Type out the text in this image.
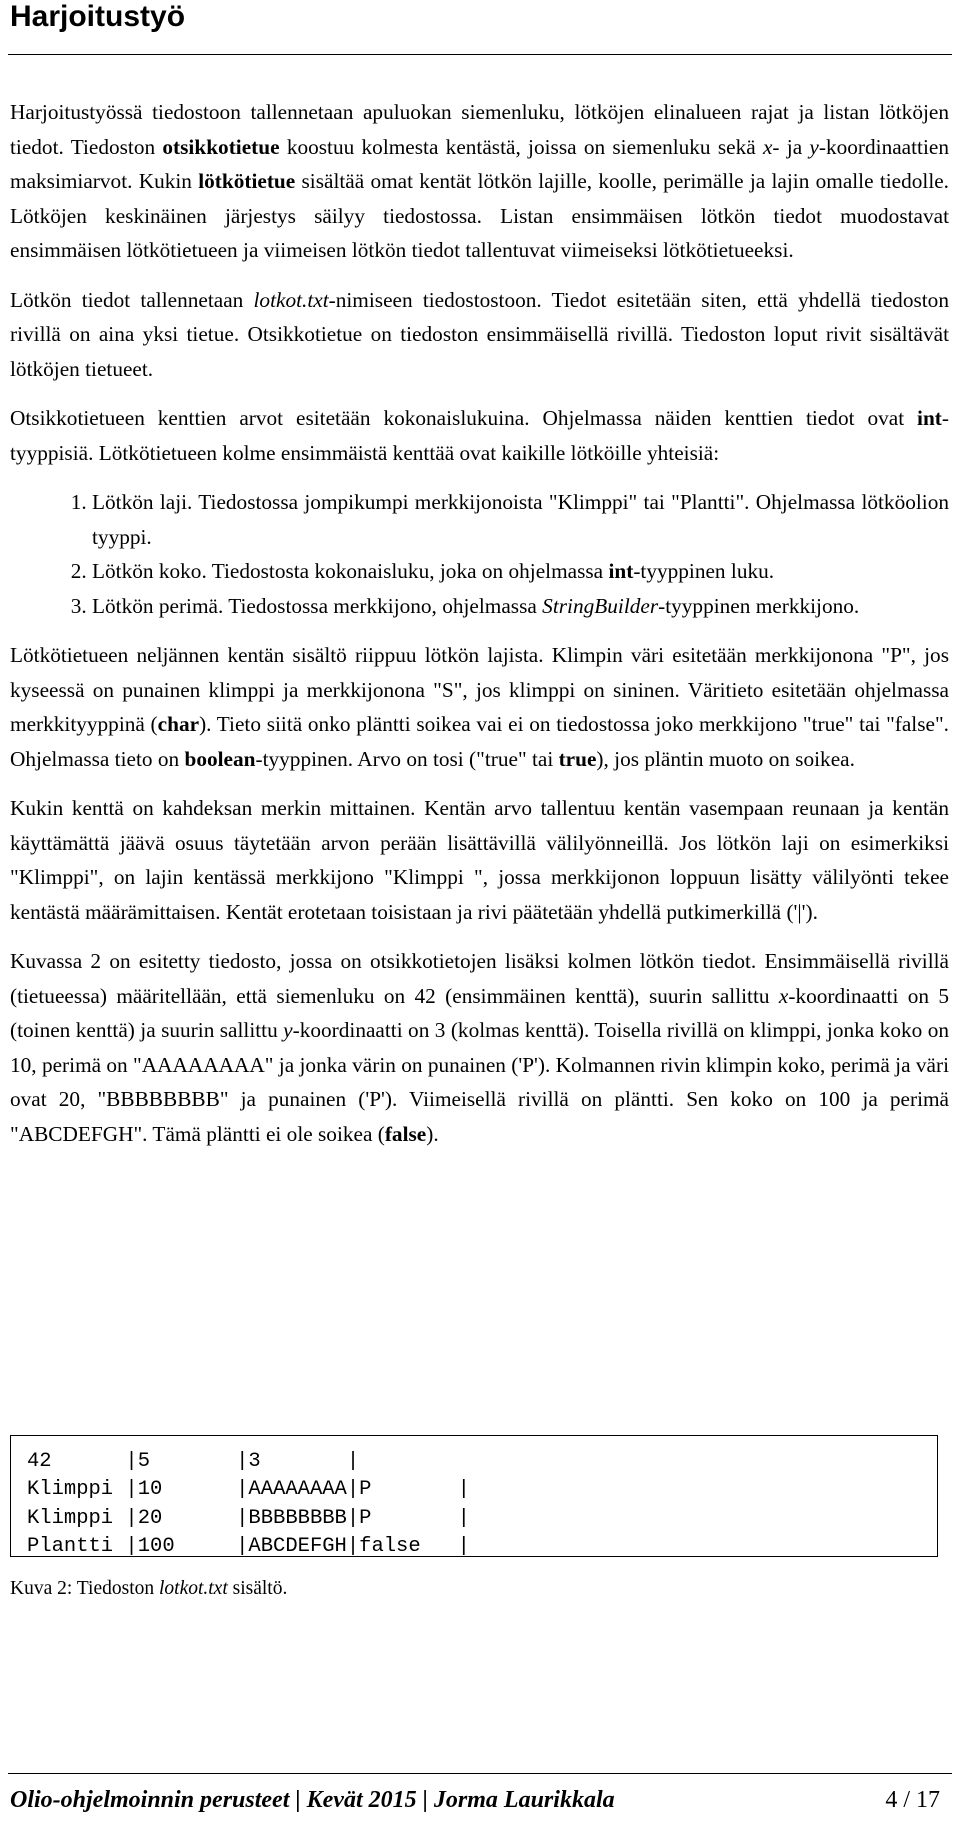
Harjoitustyö

Harjoitustyössä tiedostoon tallennetaan apuluokan siemenluku, lötköjen elinalueen rajat ja listan lötköjen tiedot. Tiedoston otsikkotietue koostuu kolmesta kentästä, joissa on siemenluku sekä x- ja y-koordinaattien maksimiarvot. Kukin lötkötietue sisältää omat kentät lötkön lajille, koolle, perimälle ja lajin omalle tiedolle. Lötköjen keskinäinen järjestys säilyy tiedostossa. Listan ensimmäisen lötkön tiedot muodostavat ensimmäisen lötkötietueen ja viimeisen lötkön tiedot tallentuvat viimeiseksi lötkötietueeksi.

Lötkön tiedot tallennetaan lotkot.txt-nimiseen tiedostostoon. Tiedot esitetään siten, että yhdellä tiedoston rivillä on aina yksi tietue. Otsikkotietue on tiedoston ensimmäisellä rivillä. Tiedoston loput rivit sisältävät lötköjen tietueet.

Otsikkotietueen kenttien arvot esitetään kokonaislukuina. Ohjelmassa näiden kenttien tiedot ovat int-tyyppisiä. Lötkötietueen kolme ensimmäistä kenttää ovat kaikille lötköille yhteisiä:

1. Lötkön laji. Tiedostossa jompikumpi merkkijonoista "Klimppi" tai "Plantti". Ohjelmassa lötköolion tyyppi.
2. Lötkön koko. Tiedostosta kokonaisluku, joka on ohjelmassa int-tyyppinen luku.
3. Lötkön perimä. Tiedostossa merkkijono, ohjelmassa StringBuilder-tyyppinen merkkijono.

Lötkötietueen neljännen kentän sisältö riippuu lötkön lajista. Klimpin väri esitetään merkkijonona "P", jos kyseessä on punainen klimppi ja merkkijonona "S", jos klimppi on sininen. Väritieto esitetään ohjelmassa merkkityyppinä (char). Tieto siitä onko pläntti soikea vai ei on tiedostossa joko merkkijono "true" tai "false". Ohjelmassa tieto on boolean-tyyppinen. Arvo on tosi ("true" tai true), jos pläntin muoto on soikea.

Kukin kenttä on kahdeksan merkin mittainen. Kentän arvo tallentuu kentän vasempaan reunaan ja kentän käyttämättä jäävä osuus täytetään arvon perään lisättävillä välilyönneillä. Jos lötkön laji on esimerkiksi "Klimppi", on lajin kentässä merkkijono "Klimppi ", jossa merkkijonon loppuun lisätty välilyönti tekee kentästä määrämittaisen. Kentät erotetaan toisistaan ja rivi päätetään yhdellä putkimerkillä ('|').

Kuvassa 2 on esitetty tiedosto, jossa on otsikkotietojen lisäksi kolmen lötkön tiedot. Ensimmäisellä rivillä (tietueessa) määritellään, että siemenluku on 42 (ensimmäinen kenttä), suurin sallittu x-koordinaatti on 5 (toinen kenttä) ja suurin sallittu y-koordinaatti on 3 (kolmas kenttä). Toisella rivillä on klimppi, jonka koko on 10, perimä on "AAAAAAAA" ja jonka värin on punainen ('P'). Kolmannen rivin klimpin koko, perimä ja väri ovat 20, "BBBBBBBB" ja punainen ('P'). Viimeisellä rivillä on pläntti. Sen koko on 100 ja perimä "ABCDEFGH". Tämä pläntti ei ole soikea (false).

42      |5       |3       |
Klimppi |10      |AAAAAAAA|P       |
Klimppi |20      |BBBBBBBB|P       |
Plantti |100     |ABCDEFGH|false   |
Kuva 2: Tiedoston lotkot.txt sisältö.
Olio-ohjelmoinnin perusteet | Kevät 2015 | Jorma Laurikkala	4 / 17
